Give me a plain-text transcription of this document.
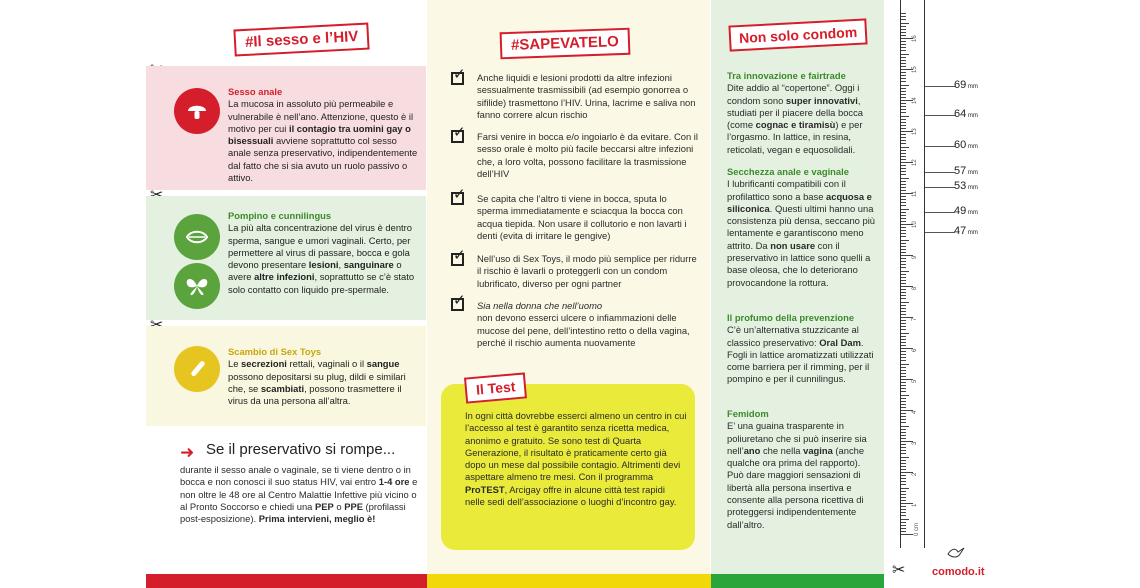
#Il sesso e l’HIV
Sesso anale
La mucosa in assoluto più permeabile e vulnerabile è nell’ano. Attenzione, questo è il motivo per cui il contagio tra uomini gay o bisessuali avviene soprattutto col sesso anale senza preservativo, indipendentemente dal fatto che si sia avuto un ruolo passivo o attivo.
Pompino e cunnilingus
La più alta concentrazione del virus è dentro sperma, sangue e umori vaginali. Certo, per permettere al virus di passare, bocca e gola devono presentare lesioni, sanguinare o avere altre infezioni, soprattutto se c’è stato solo contatto con liquido pre-spermale.
Scambio di Sex Toys
Le secrezioni rettali, vaginali o il sangue possono depositarsi su plug, dildi e similari che, se scambiati, possono trasmettere il virus da una persona all’altra.
➜ Se il preservativo si rompe...

durante il sesso anale o vaginale, se ti viene dentro o in bocca e non conosci il suo status HIV, vai entro 1-4 ore e non oltre le 48 ore al Centro Malattie Infettive più vicino o al Pronto Soccorso e chiedi una PEP o PPE (profilassi post-esposizione). Prima intervieni, meglio è!

#SAPEVATELO
✓ Anche liquidi e lesioni prodotti da altre infezioni sessualmente trasmissibili (ad esempio gonorrea o sifilide) trasmettono l’HIV. Urina, lacrime e saliva non fanno correre alcun rischio
✓ Farsi venire in bocca e/o ingoiarlo è da evitare. Con il sesso orale è molto più facile beccarsi altre infezioni che, a loro volta, possono facilitare la trasmissione dell’HIV
✓ Se capita che l’altro ti viene in bocca, sputa lo sperma immediatamente e sciacqua la bocca con acqua tiepida. Non usare il collutorio e non lavarti i denti (evita di irritare le gengive)
✓ Nell’uso di Sex Toys, il modo più semplice per ridurre il rischio è lavarli o proteggerli con un condom lubrificato, diverso per ogni partner
✓ Sia nella donna che nell’uomo
non devono esserci ulcere o infiammazioni delle mucose del pene, dell’intestino retto o della vagina, perché il rischio aumenta nuovamente
Il Test

In ogni città dovrebbe esserci almeno un centro in cui l’accesso al test è garantito senza ricetta medica, anonimo e gratuito. Se sono test di Quarta Generazione, il risultato è praticamente certo già dopo un mese dal possibile contagio. Altrimenti devi aspettare almeno tre mesi. Con il programma ProTEST, Arcigay offre in alcune città test rapidi nelle sedi dell’associazione o luoghi d’incontro gay.

Non solo condom
Tra innovazione e fairtrade
Dite addio al “copertone”. Oggi i condom sono super innovativi, studiati per il piacere della bocca (come cognac e tiramisù) e per l’orgasmo. In lattice, in resina, reticolati, vegan e equosolidali.
Secchezza anale e vaginale
I lubrificanti compatibili con il profilattico sono a base acquosa e siliconica. Questi ultimi hanno una consistenza più densa, seccano più lentamente e garantiscono meno attrito. Da non usare con il preservativo in lattice sono quelli a base oleosa, che lo deteriorano provocandone la rottura.
Il profumo della prevenzione
C’è un’alternativa stuzzicante al classico preservativo: Oral Dam. Fogli in lattice aromatizzati utilizzati come barriera per il rimming, per il pompino e per il cunnilingus.
Femidom
E’ una guaina trasparente in poliuretano che si può inserire sia nell’ano che nella vagina (anche qualche ora prima del rapporto). Può dare maggiori sensazioni di libertà alla persona insertiva e consente alla persona ricettiva di proteggersi indipendentemente dall’altro.
16
15
14
13
12
11
10
9
8
7
6
5
4
3
2
1
69 mm
64 mm
60 mm
57 mm
53 mm
49 mm
47 mm
0 cm
✂ comodo.it
